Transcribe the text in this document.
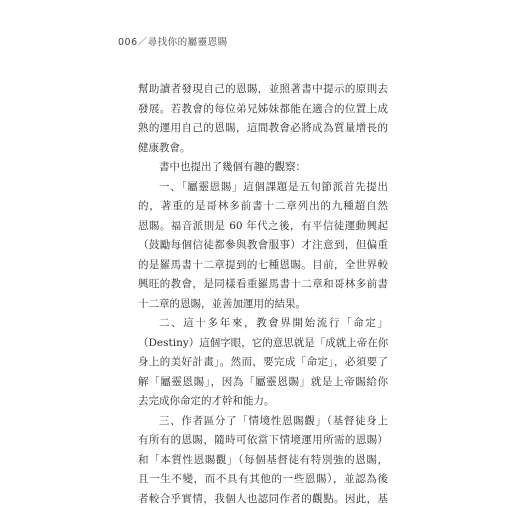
006／尋找你的屬靈恩賜
幫助讀者發現自己的恩賜，並照著書中提示的原則去
發展。若教會的每位弟兄姊妹都能在適合的位置上成
熟的運用自己的恩賜，這間教會必將成為質量增長的
健康教會。
書中也提出了幾個有趣的觀察：
一、「屬靈恩賜」這個課題是五旬節派首先提出
的，著重的是哥林多前書十二章列出的九種超自然
恩賜。福音派則是 60 年代之後，有平信徒運動興起
（鼓勵每個信徒都參與教會服事）才注意到，但偏重
的是羅馬書十二章提到的七種恩賜。目前，全世界較
興旺的教會，是同樣看重羅馬書十二章和哥林多前書
十二章的恩賜，並善加運用的結果。
二、這十多年來，教會界開始流行「命定」
（Destiny）這個字眼，它的意思就是「成就上帝在你
身上的美好計畫」。然而，要完成「命定」，必須要了
解「屬靈恩賜」，因為「屬靈恩賜」就是上帝賜給你
去完成你命定的才幹和能力。
三、作者區分了「情境性恩賜觀」（基督徒身上
有所有的恩賜，隨時可依當下情境運用所需的恩賜）
和「本質性恩賜觀」（每個基督徒有特別強的恩賜，
且一生不變，而不具有其他的一些恩賜），並認為後
者較合乎實情，我個人也認同作者的觀點。因此，基
